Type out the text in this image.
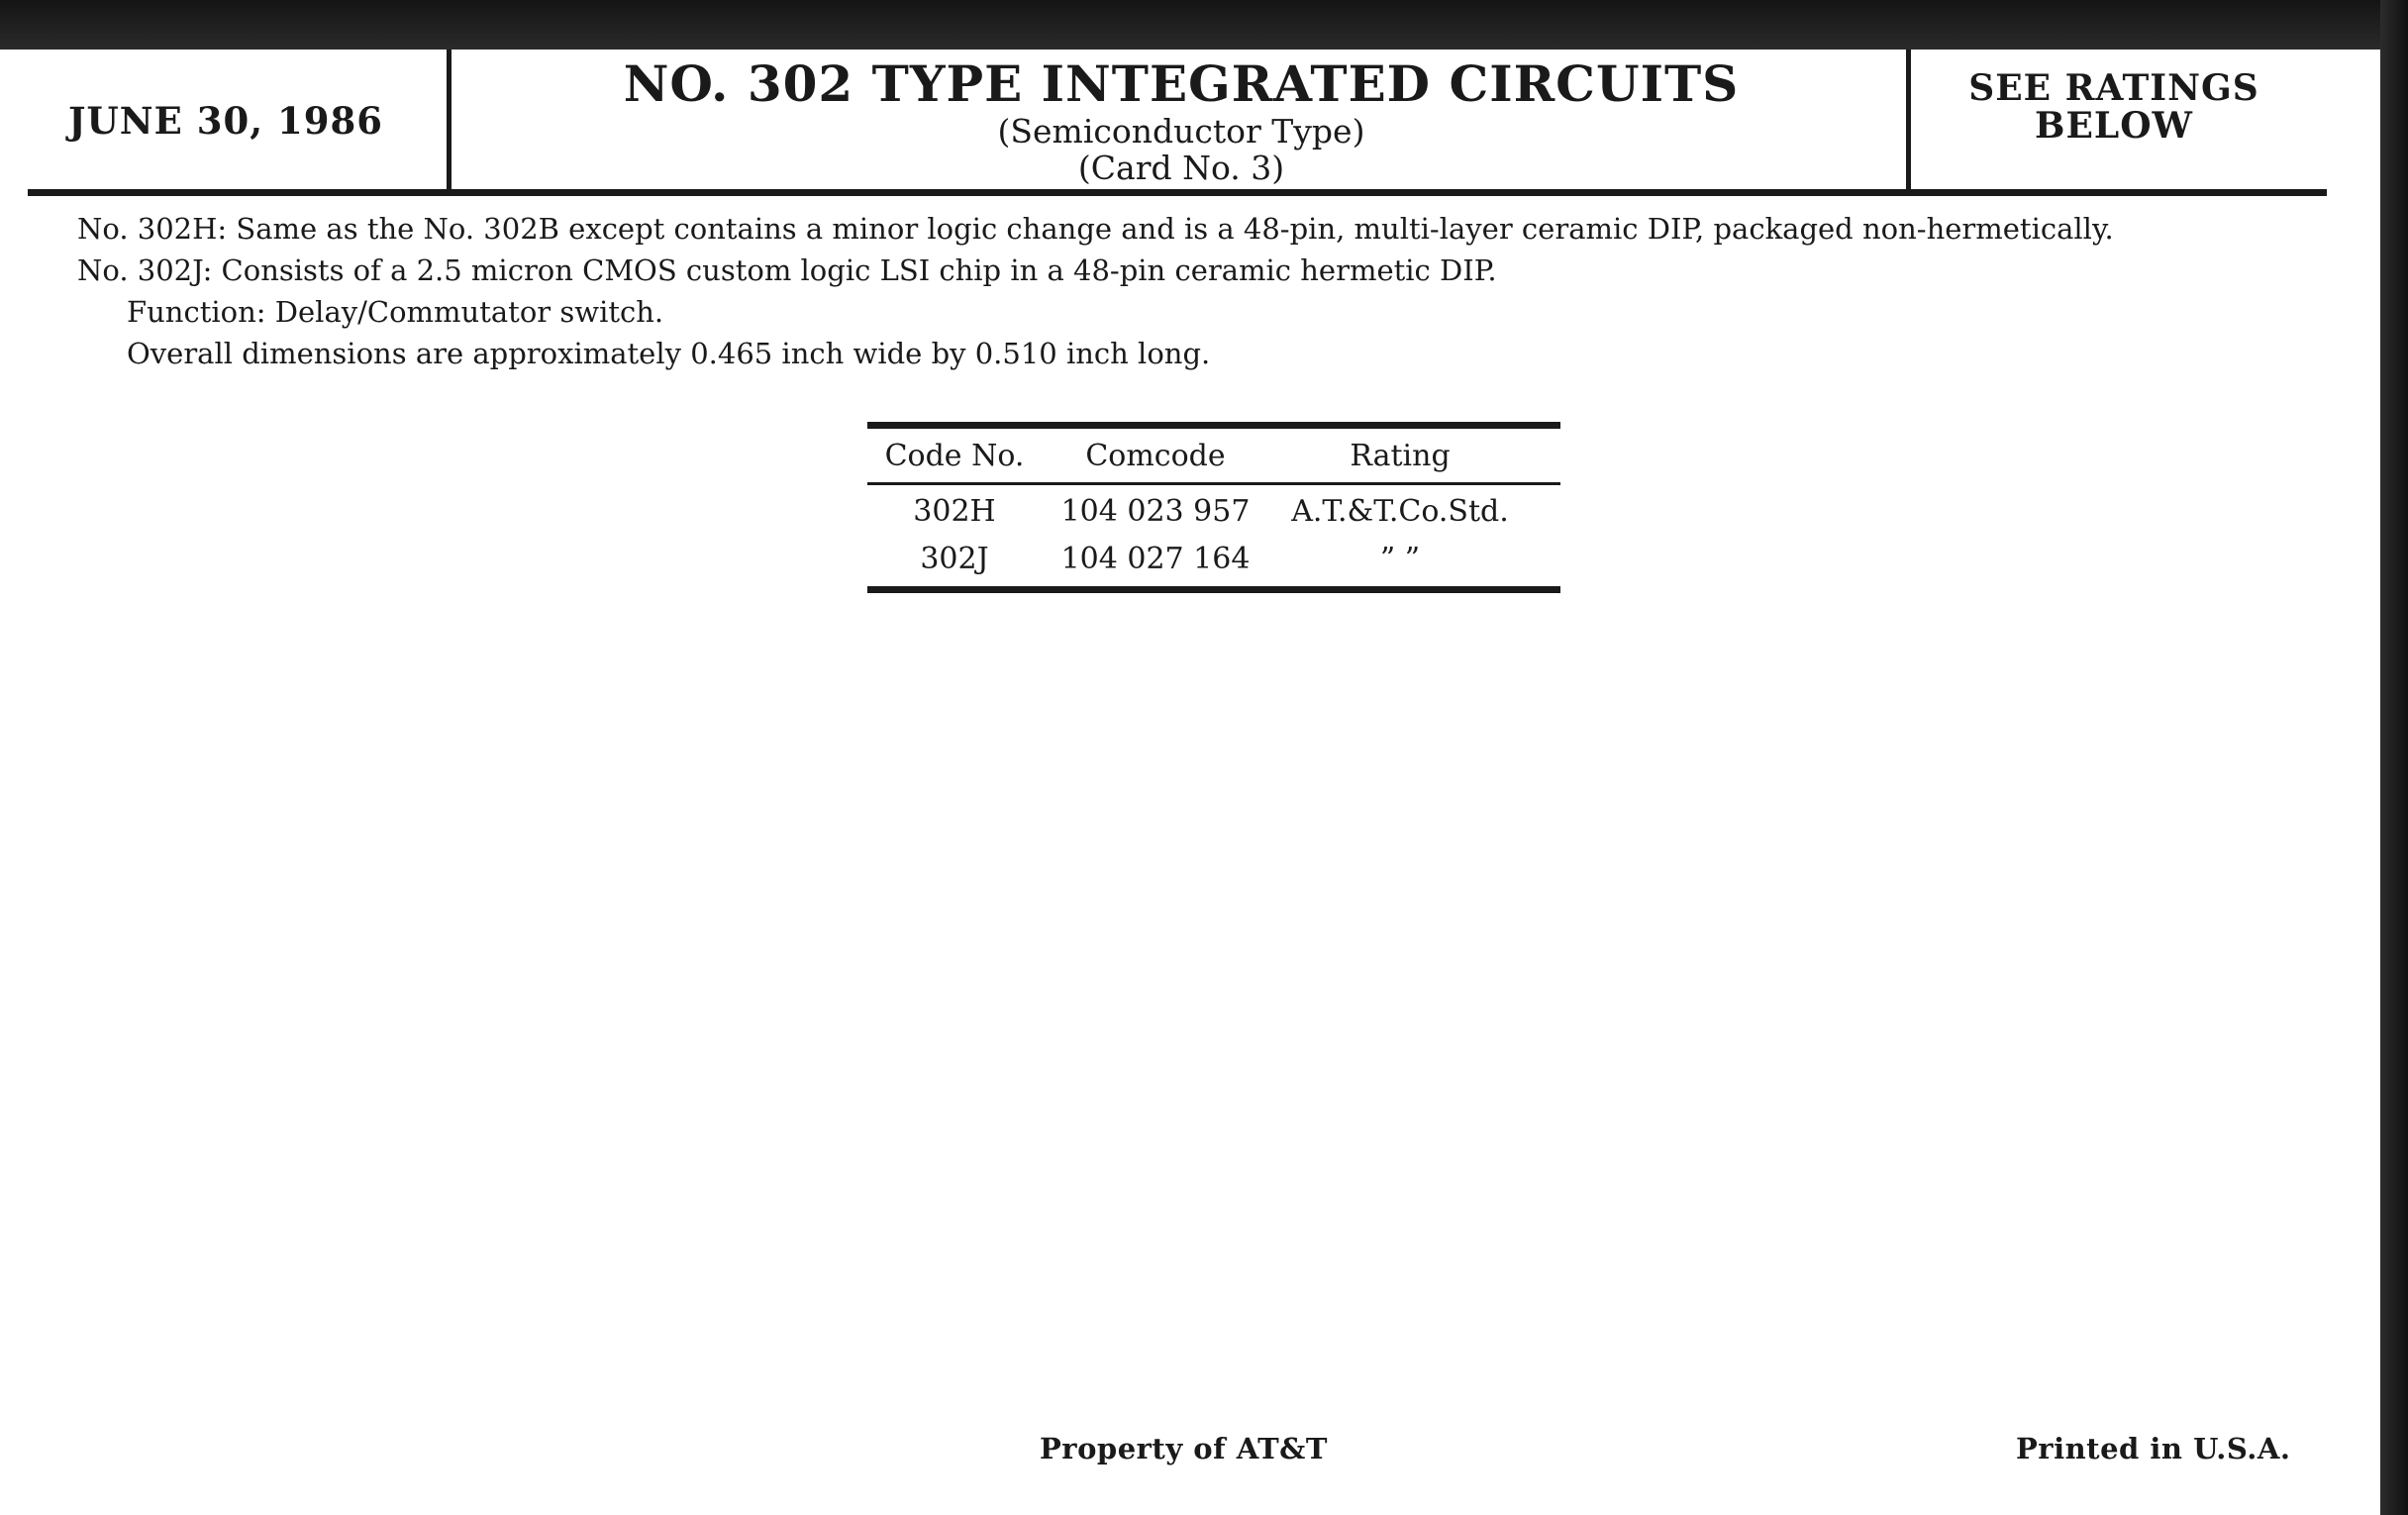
JUNE 30, 1986
NO. 302 TYPE INTEGRATED CIRCUITS
(Semiconductor Type)
(Card No. 3)
SEE RATINGS
BELOW

No. 302H: Same as the No. 302B except contains a minor logic change and is a 48-pin, multi-layer ceramic DIP, packaged non-hermetically.

No. 302J: Consists of a 2.5 micron CMOS custom logic LSI chip in a 48-pin ceramic hermetic DIP.

Function: Delay/Commutator switch.

Overall dimensions are approximately 0.465 inch wide by 0.510 inch long.

Code No.	Comcode	Rating
302H	104 023 957	A.T.&T.Co.Std.
302J	104 027 164	” ”
Property of AT&T	Printed in U.S.A.
